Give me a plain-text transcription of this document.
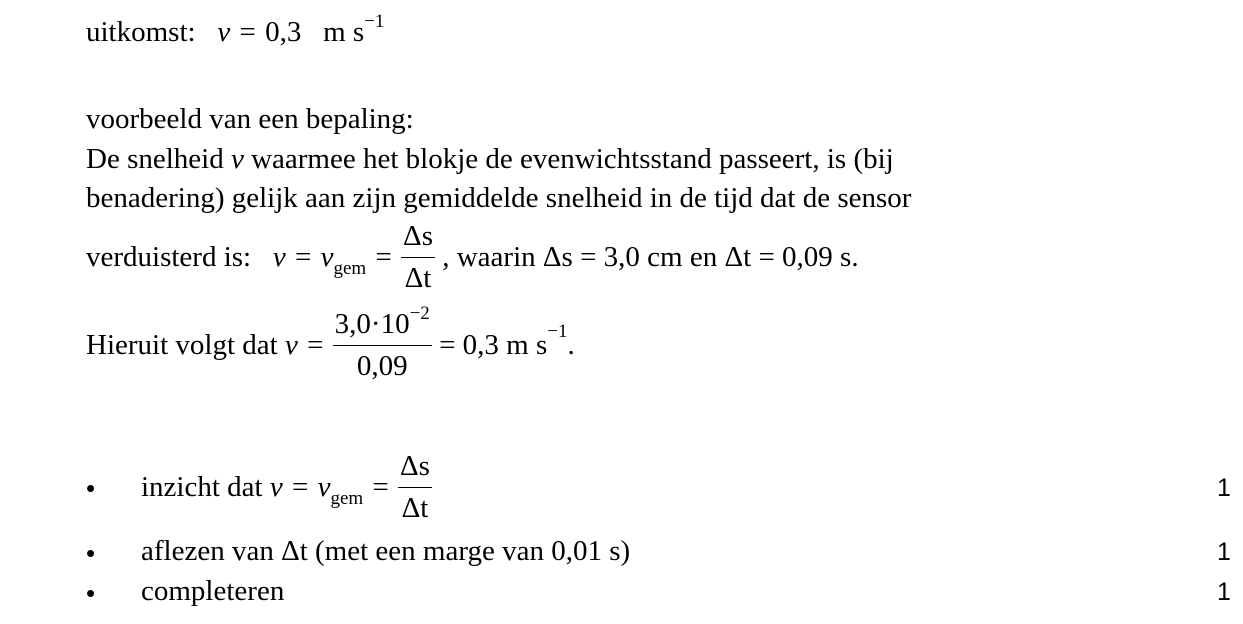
uitkomst: v = 0,3 m $s^{-1}$
voorbeeld van een bepaling:
De snelheid v waarmee het blokje de evenwichtsstand passeert, is (bij
benadering) gelijk aan zijn gemiddelde snelheid in de tijd dat de sensor
verduisterd is:   $v = v_{gem} = \frac{\Delta s}{\Delta t}$ , waarin Δs = 3,0 cm en Δt = 0,09 s.
Hieruit volgt dat $v = \frac{3,0\cdot 10^{-2}}{0,09} = 0,3$ m $s^{-1}$.
•	inzicht dat $v = v_{gem} = \frac{\Delta s}{\Delta t}$	1
•	aflezen van Δt (met een marge van 0,01 s)	1
•	completeren	1
